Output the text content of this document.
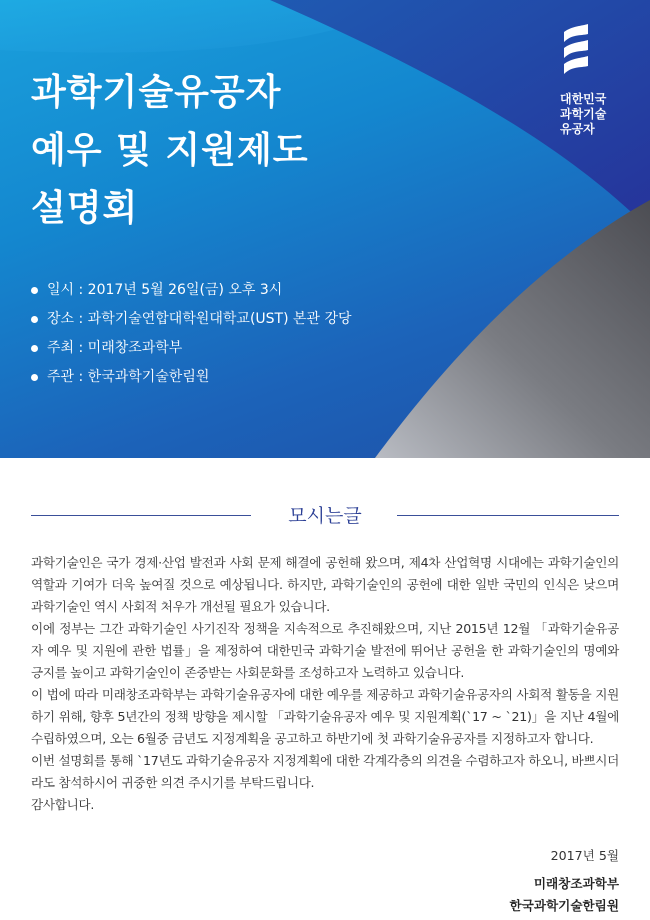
과학기술유공자
예우 및 지원제도
설명회
대한민국
과학기술
유공자
일시 : 2017년 5월 26일(금) 오후 3시
장소 : 과학기술연합대학원대학교(UST) 본관 강당
주최 : 미래창조과학부
주관 : 한국과학기술한림원
모시는글

과학기술인은 국가 경제·산업 발전과 사회 문제 해결에 공헌해 왔으며, 제4차 산업혁명 시대에는 과학기술인의 역할과 기여가 더욱 높여질 것으로 예상됩니다. 하지만, 과학기술인의 공헌에 대한 일반 국민의 인식은 낮으며 과학기술인 역시 사회적 처우가 개선될 필요가 있습니다.

이에 정부는 그간 과학기술인 사기진작 정책을 지속적으로 추진해왔으며, 지난 2015년 12월 「과학기술유공자 예우 및 지원에 관한 법률」을 제정하여 대한민국 과학기술 발전에 뛰어난 공헌을 한 과학기술인의 명예와 긍지를 높이고 과학기술인이 존중받는 사회문화를 조성하고자 노력하고 있습니다.

이 법에 따라 미래창조과학부는 과학기술유공자에 대한 예우를 제공하고 과학기술유공자의 사회적 활동을 지원하기 위해, 향후 5년간의 정책 방향을 제시할 「과학기술유공자 예우 및 지원계획(`17 ~ `21)」을 지난 4월에 수립하였으며, 오는 6월중 금년도 지정계획을 공고하고 하반기에 첫 과학기술유공자를 지정하고자 합니다.

이번 설명회를 통해 `17년도 과학기술유공자 지정계획에 대한 각계각층의 의견을 수렴하고자 하오니, 바쁘시더라도 참석하시어 귀중한 의견 주시기를 부탁드립니다.

감사합니다.

2017년 5월
미래창조과학부
한국과학기술한림원
